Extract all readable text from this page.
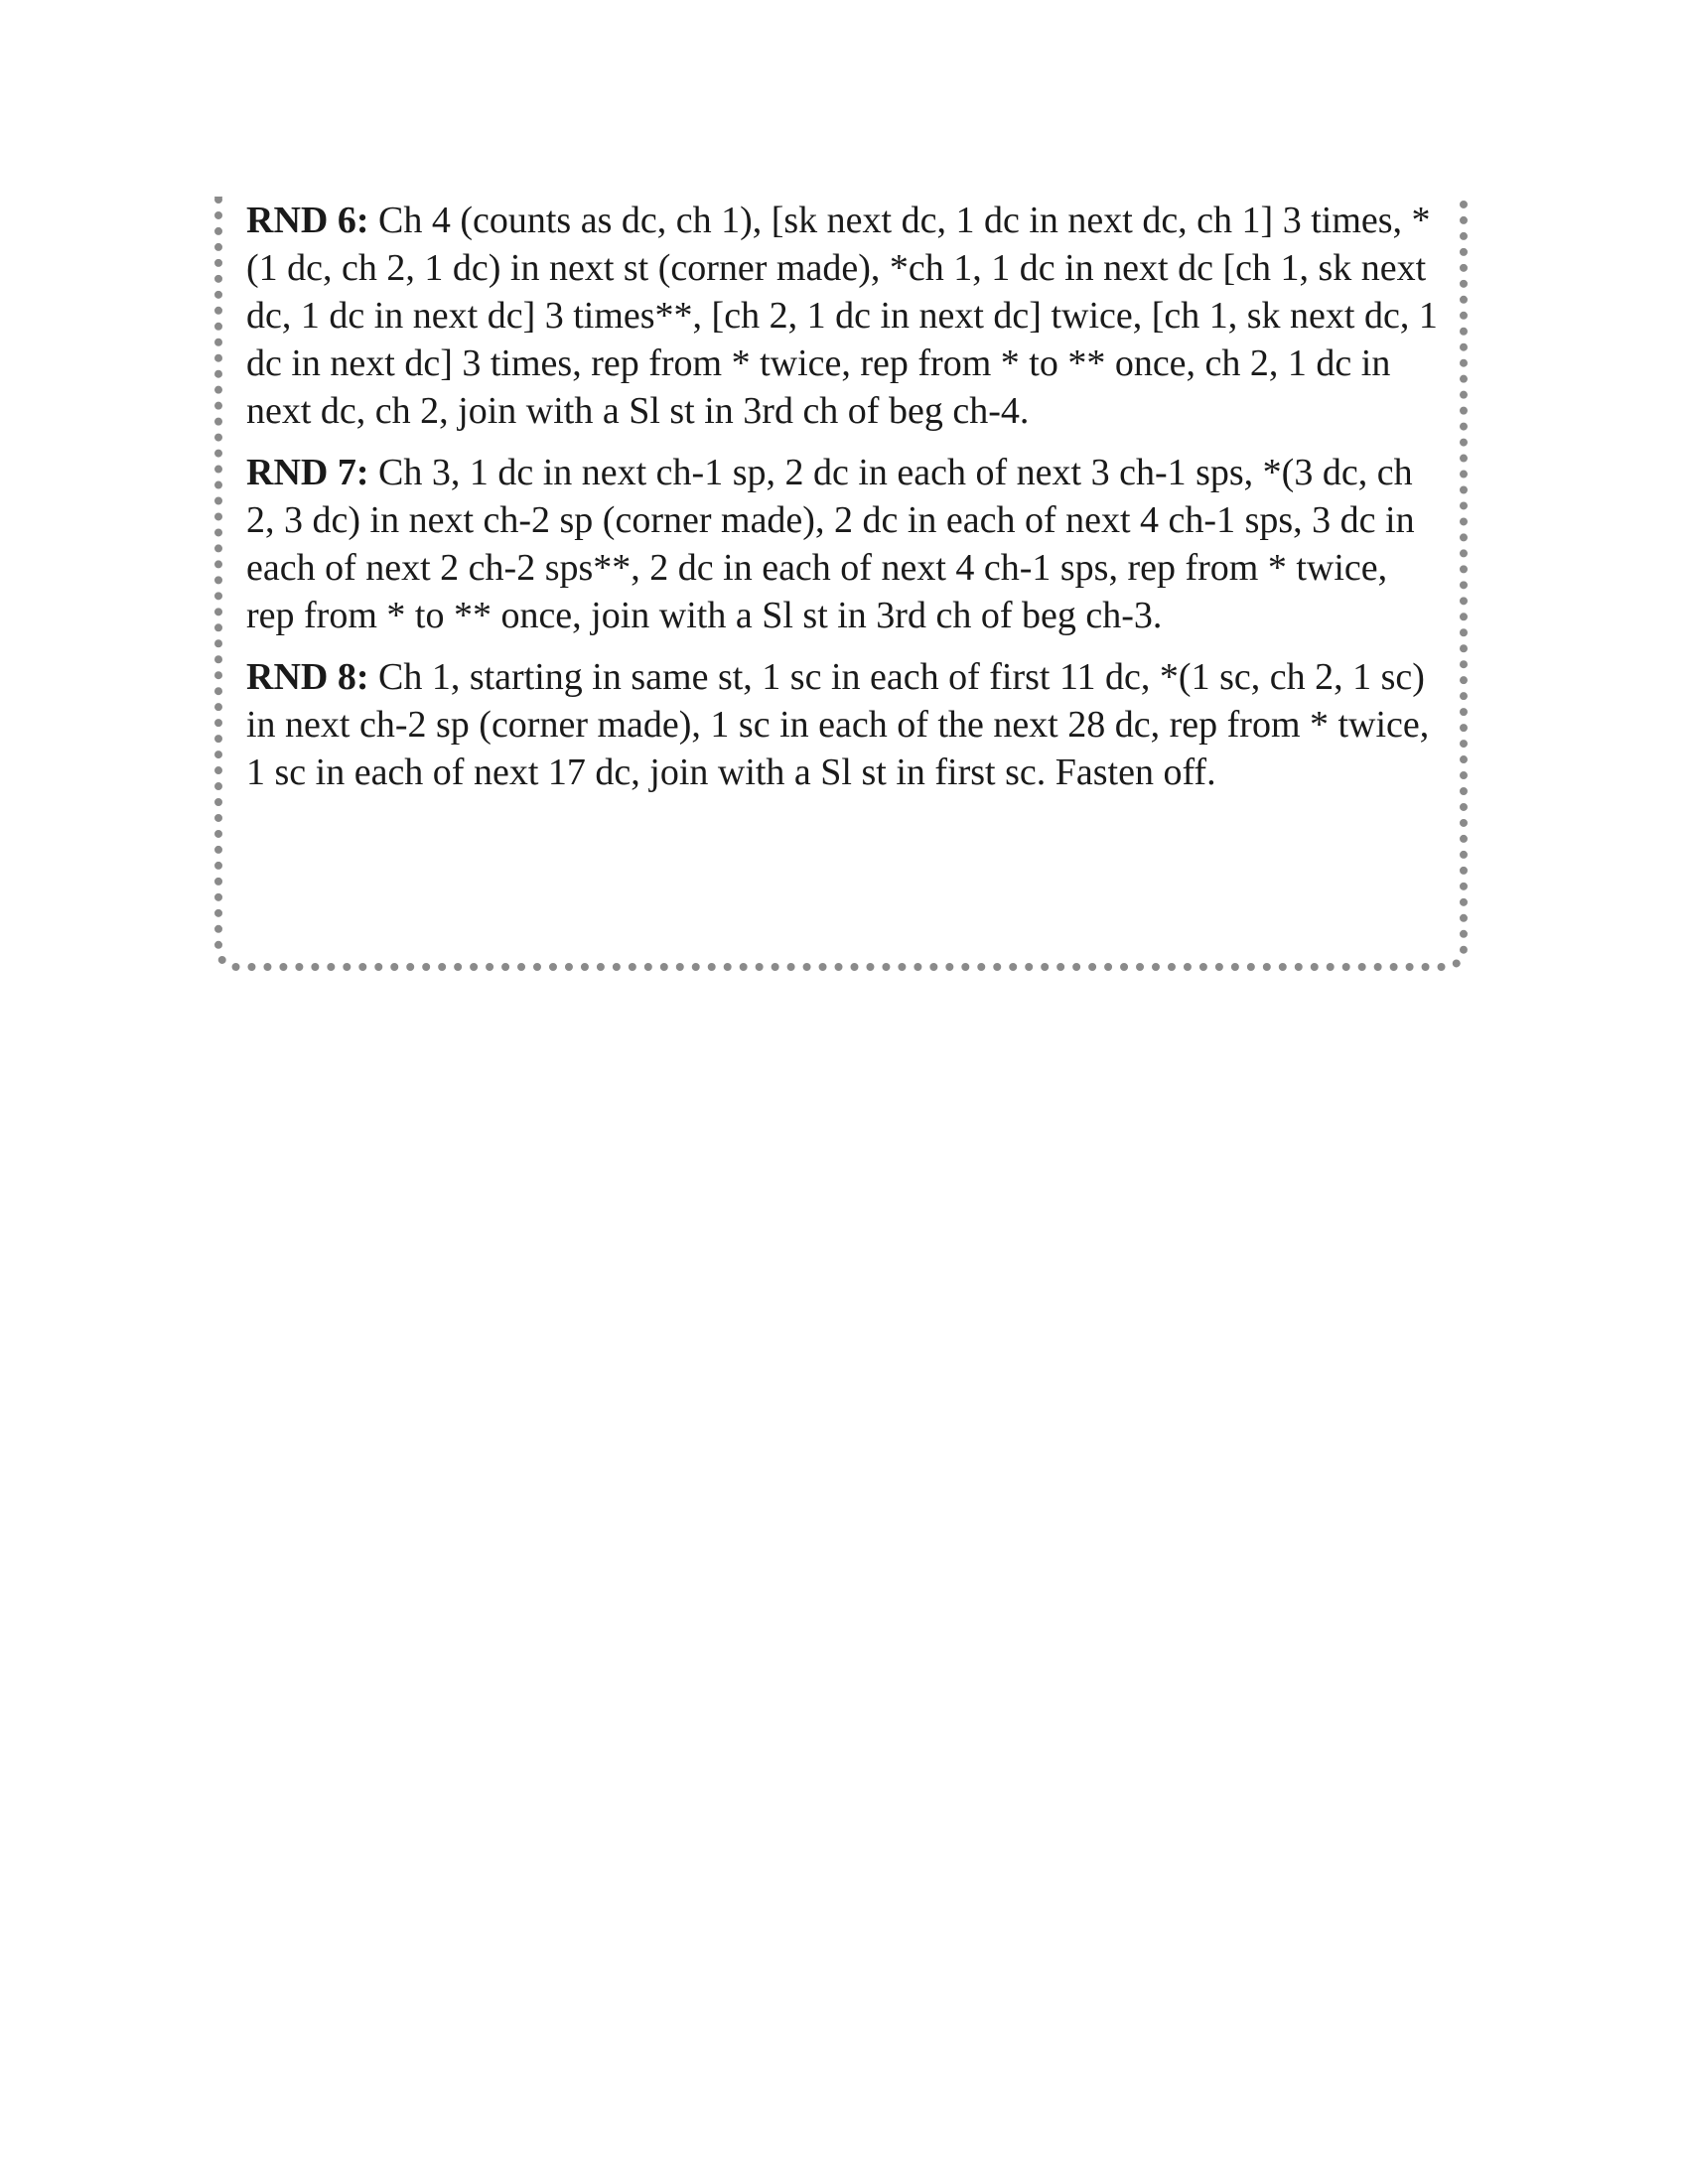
RND 6: Ch 4 (counts as dc, ch 1), [sk next dc, 1 dc in next dc, ch 1] 3 times, *(1 dc, ch 2, 1 dc) in next st (corner made), *ch 1, 1 dc in next dc [ch 1, sk next dc, 1 dc in next dc] 3 times**, [ch 2, 1 dc in next dc] twice, [ch 1, sk next dc, 1 dc in next dc] 3 times, rep from * twice, rep from * to ** once, ch 2, 1 dc in next dc, ch 2, join with a Sl st in 3rd ch of beg ch-4.

RND 7: Ch 3, 1 dc in next ch-1 sp, 2 dc in each of next 3 ch-1 sps, *(3 dc, ch 2, 3 dc) in next ch-2 sp (corner made), 2 dc in each of next 4 ch-1 sps, 3 dc in each of next 2 ch-2 sps**, 2 dc in each of next 4 ch-1 sps, rep from * twice, rep from * to ** once, join with a Sl st in 3rd ch of beg ch-3.

RND 8: Ch 1, starting in same st, 1 sc in each of first 11 dc, *(1 sc, ch 2, 1 sc) in next ch-2 sp (corner made), 1 sc in each of the next 28 dc, rep from * twice, 1 sc in each of next 17 dc, join with a Sl st in first sc. Fasten off.
